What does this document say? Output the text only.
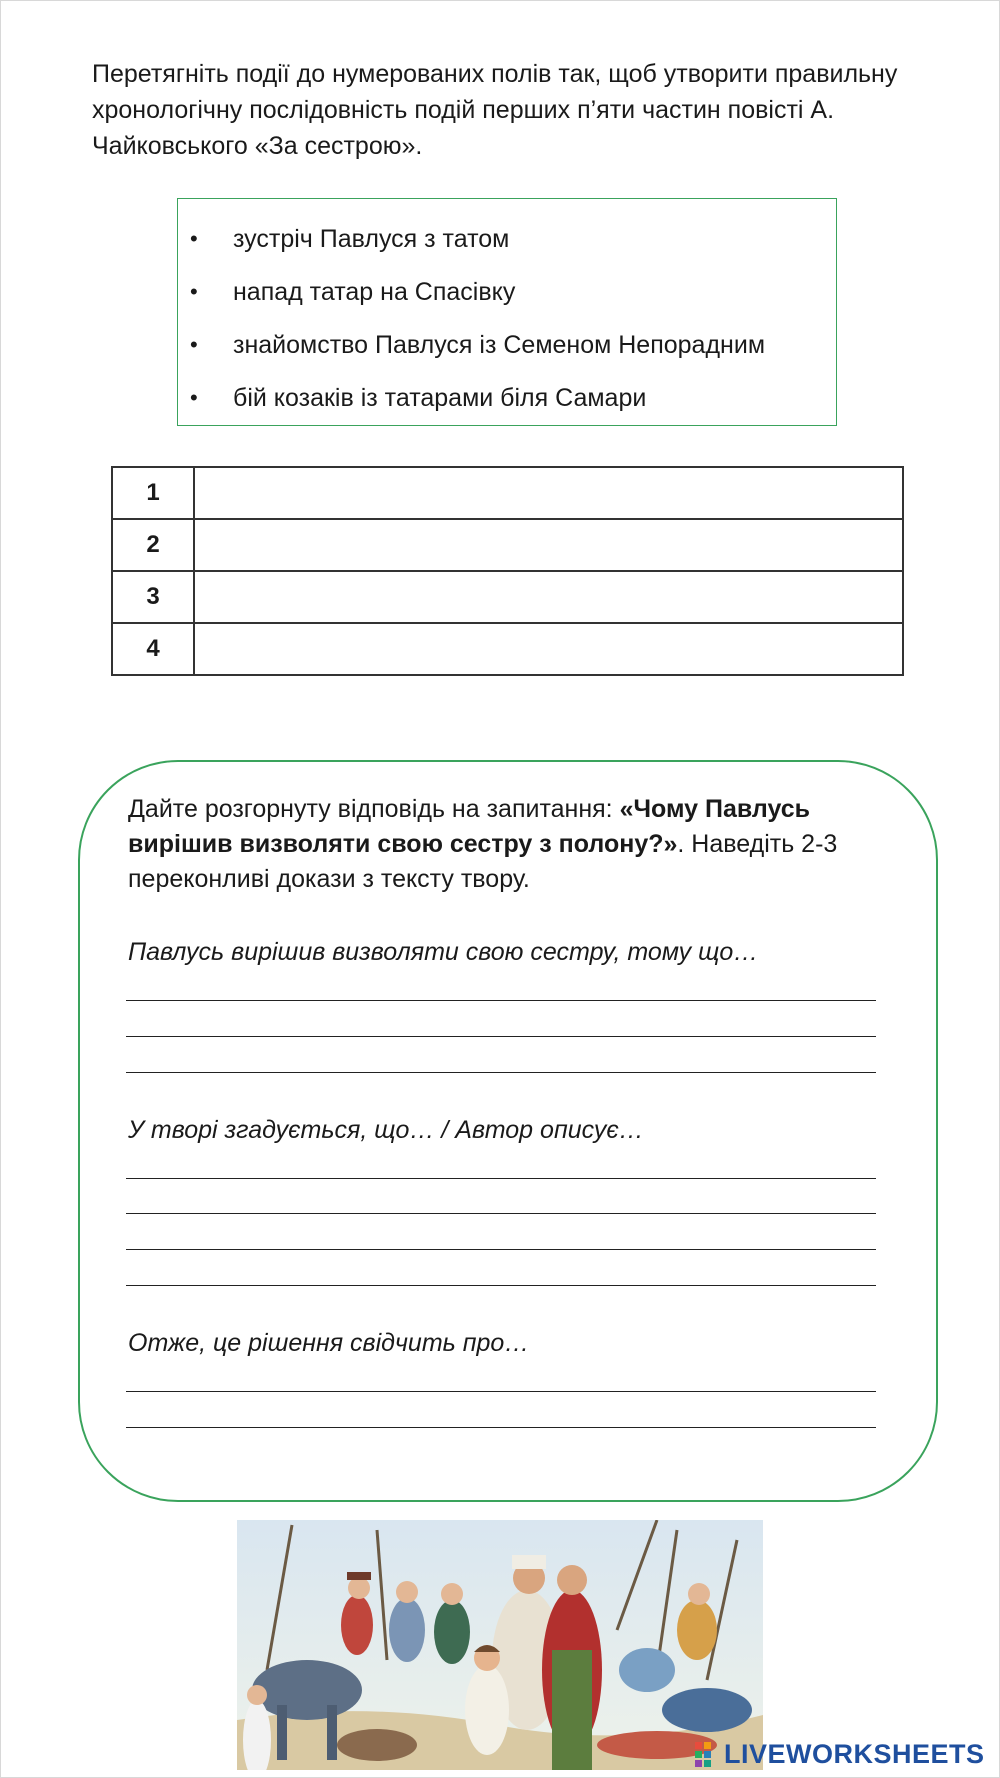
Перетягніть події до нумерованих полів так, щоб утворити правильну хронологічну послідовність подій перших п’яти частин повісті А. Чайковського «За сестрою».

•	зустріч Павлуся з татом
•	напад татар на Спасівку
•	знайомство Павлуся із Семеном Непорадним
•	бій козаків із татарами біля Самари
1	
2	
3	
4	

Дайте розгорнуту відповідь на запитання: «Чому Павлусь вирішив визволяти свою сестру з полону?». Наведіть 2-3 переконливі докази з тексту твору.

Павлусь вирішив визволяти свою сестру, тому що…
У творі згадується, що… / Автор описує…
Отже, це рішення свідчить про…
LIVEWORKSHEETS
